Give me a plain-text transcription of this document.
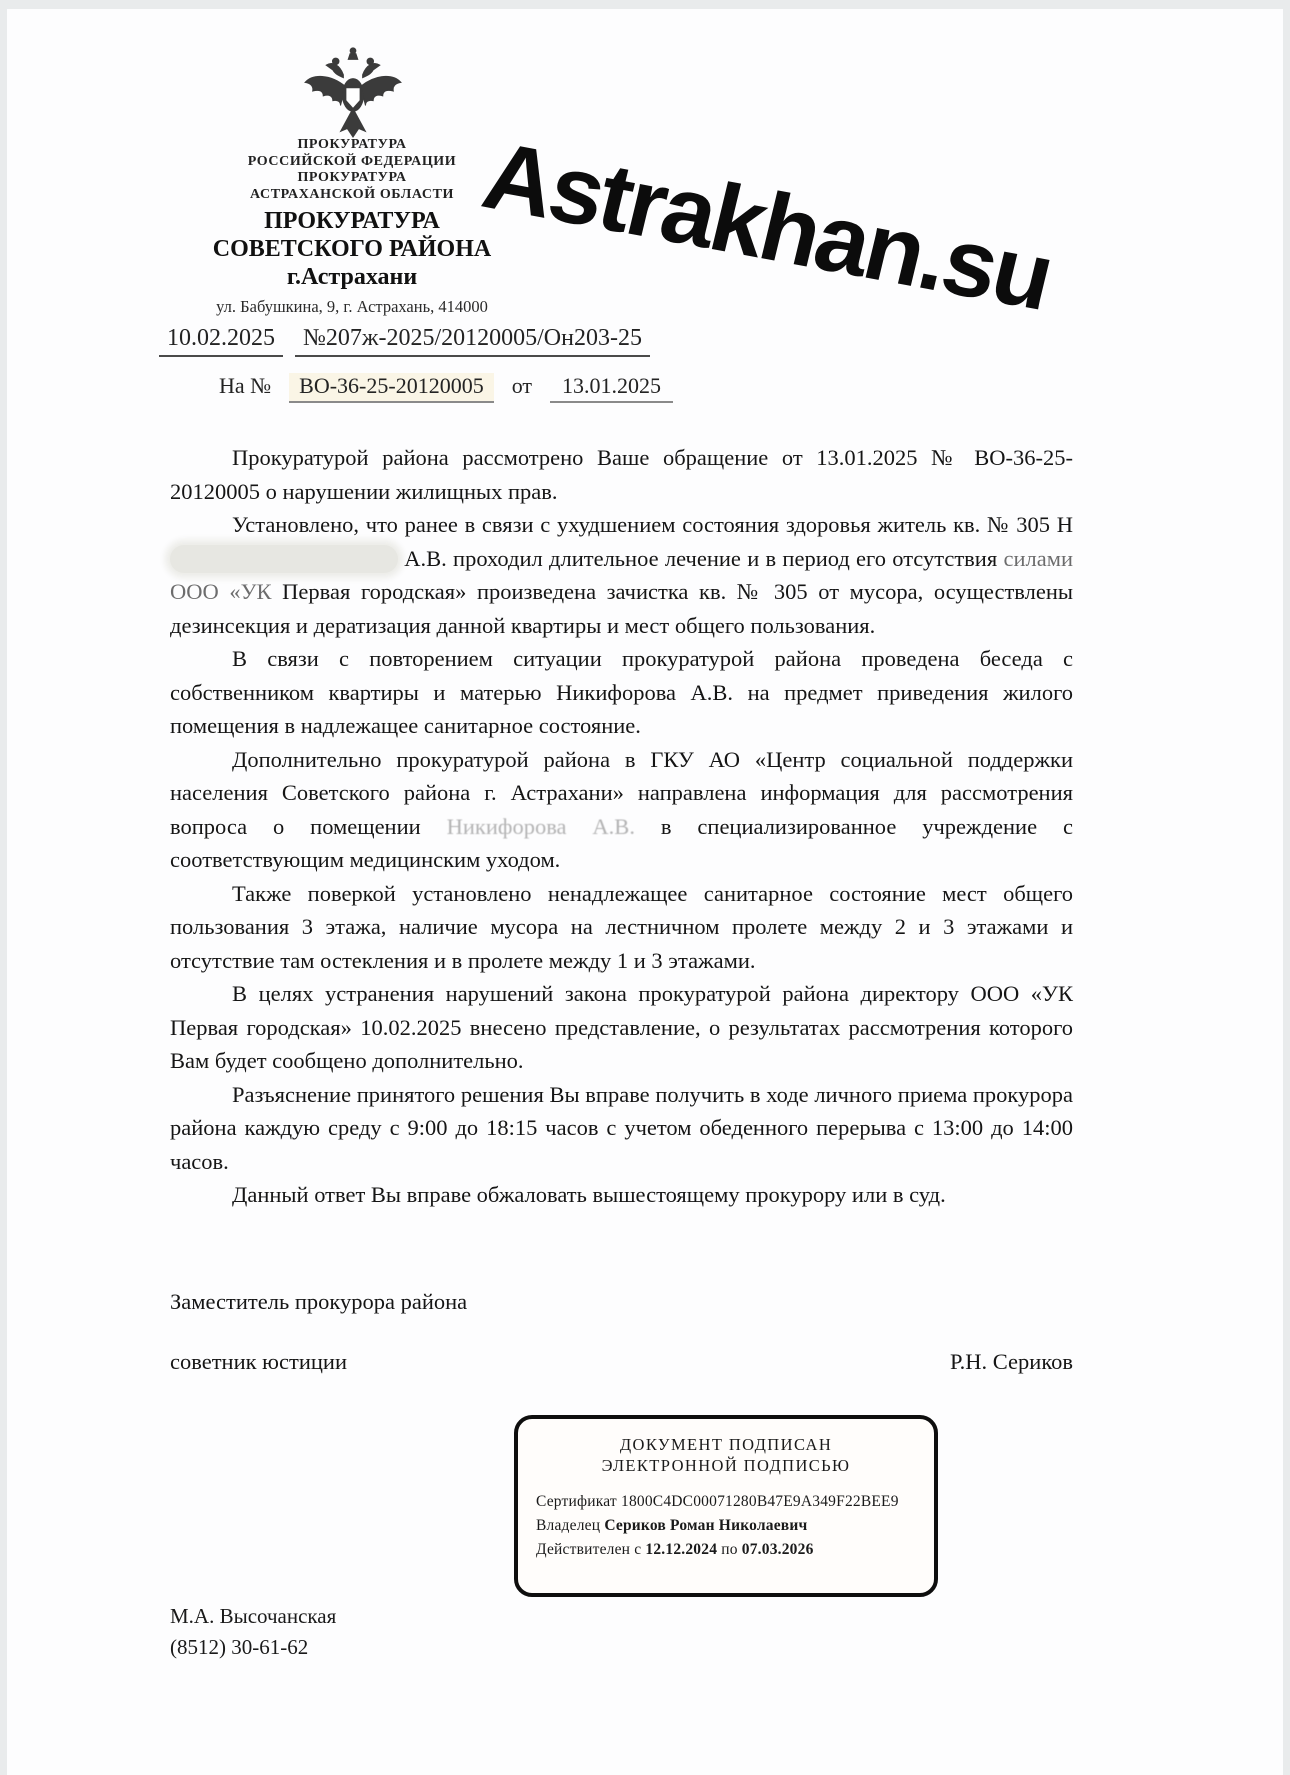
Astrakhan.su
ПРОКУРАТУРА
РОССИЙСКОЙ ФЕДЕРАЦИИ
ПРОКУРАТУРА
АСТРАХАНСКОЙ ОБЛАСТИ
ПРОКУРАТУРА
СОВЕТСКОГО РАЙОНА
г.Астрахани
ул. Бабушкина, 9, г. Астрахань, 414000
10.02.2025	№207ж-2025/20120005/Он203-25
На №	ВО-36-25-20120005	от	13.01.2025

Прокуратурой района рассмотрено Ваше обращение от 13.01.2025 № ВО-36-25-20120005 о нарушении жилищных прав.

Установлено, что ранее в связи с ухудшением состояния здоровья житель кв. № 305 Н А.В. проходил длительное лечение и в период его отсутствия силами ООО «УК Первая городская» произведена зачистка кв. № 305 от мусора, осуществлены дезинсекция и дератизация данной квартиры и мест общего пользования.

В связи с повторением ситуации прокуратурой района проведена беседа с собственником квартиры и матерью Никифорова А.В. на предмет приведения жилого помещения в надлежащее санитарное состояние.

Дополнительно прокуратурой района в ГКУ АО «Центр социальной поддержки населения Советского района г. Астрахани» направлена информация для рассмотрения вопроса о помещении Никифорова А.В. в специализированное учреждение с соответствующим медицинским уходом.

Также поверкой установлено ненадлежащее санитарное состояние мест общего пользования 3 этажа, наличие мусора на лестничном пролете между 2 и 3 этажами и отсутствие там остекления и в пролете между 1 и 3 этажами.

В целях устранения нарушений закона прокуратурой района директору ООО «УК Первая городская» 10.02.2025 внесено представление, о результатах рассмотрения которого Вам будет сообщено дополнительно.

Разъяснение принятого решения Вы вправе получить в ходе личного приема прокурора района каждую среду с 9:00 до 18:15 часов с учетом обеденного перерыва с 13:00 до 14:00 часов.

Данный ответ Вы вправе обжаловать вышестоящему прокурору или в суд.

Заместитель прокурора района
советник юстиции	Р.Н. Сериков
ДОКУМЕНТ ПОДПИСАН
ЭЛЕКТРОННОЙ ПОДПИСЬЮ
Сертификат 1800C4DC00071280B47E9A349F22BEE9
Владелец Сериков Роман Николаевич
Действителен с 12.12.2024 по 07.03.2026
М.А. Высочанская
(8512) 30-61-62
